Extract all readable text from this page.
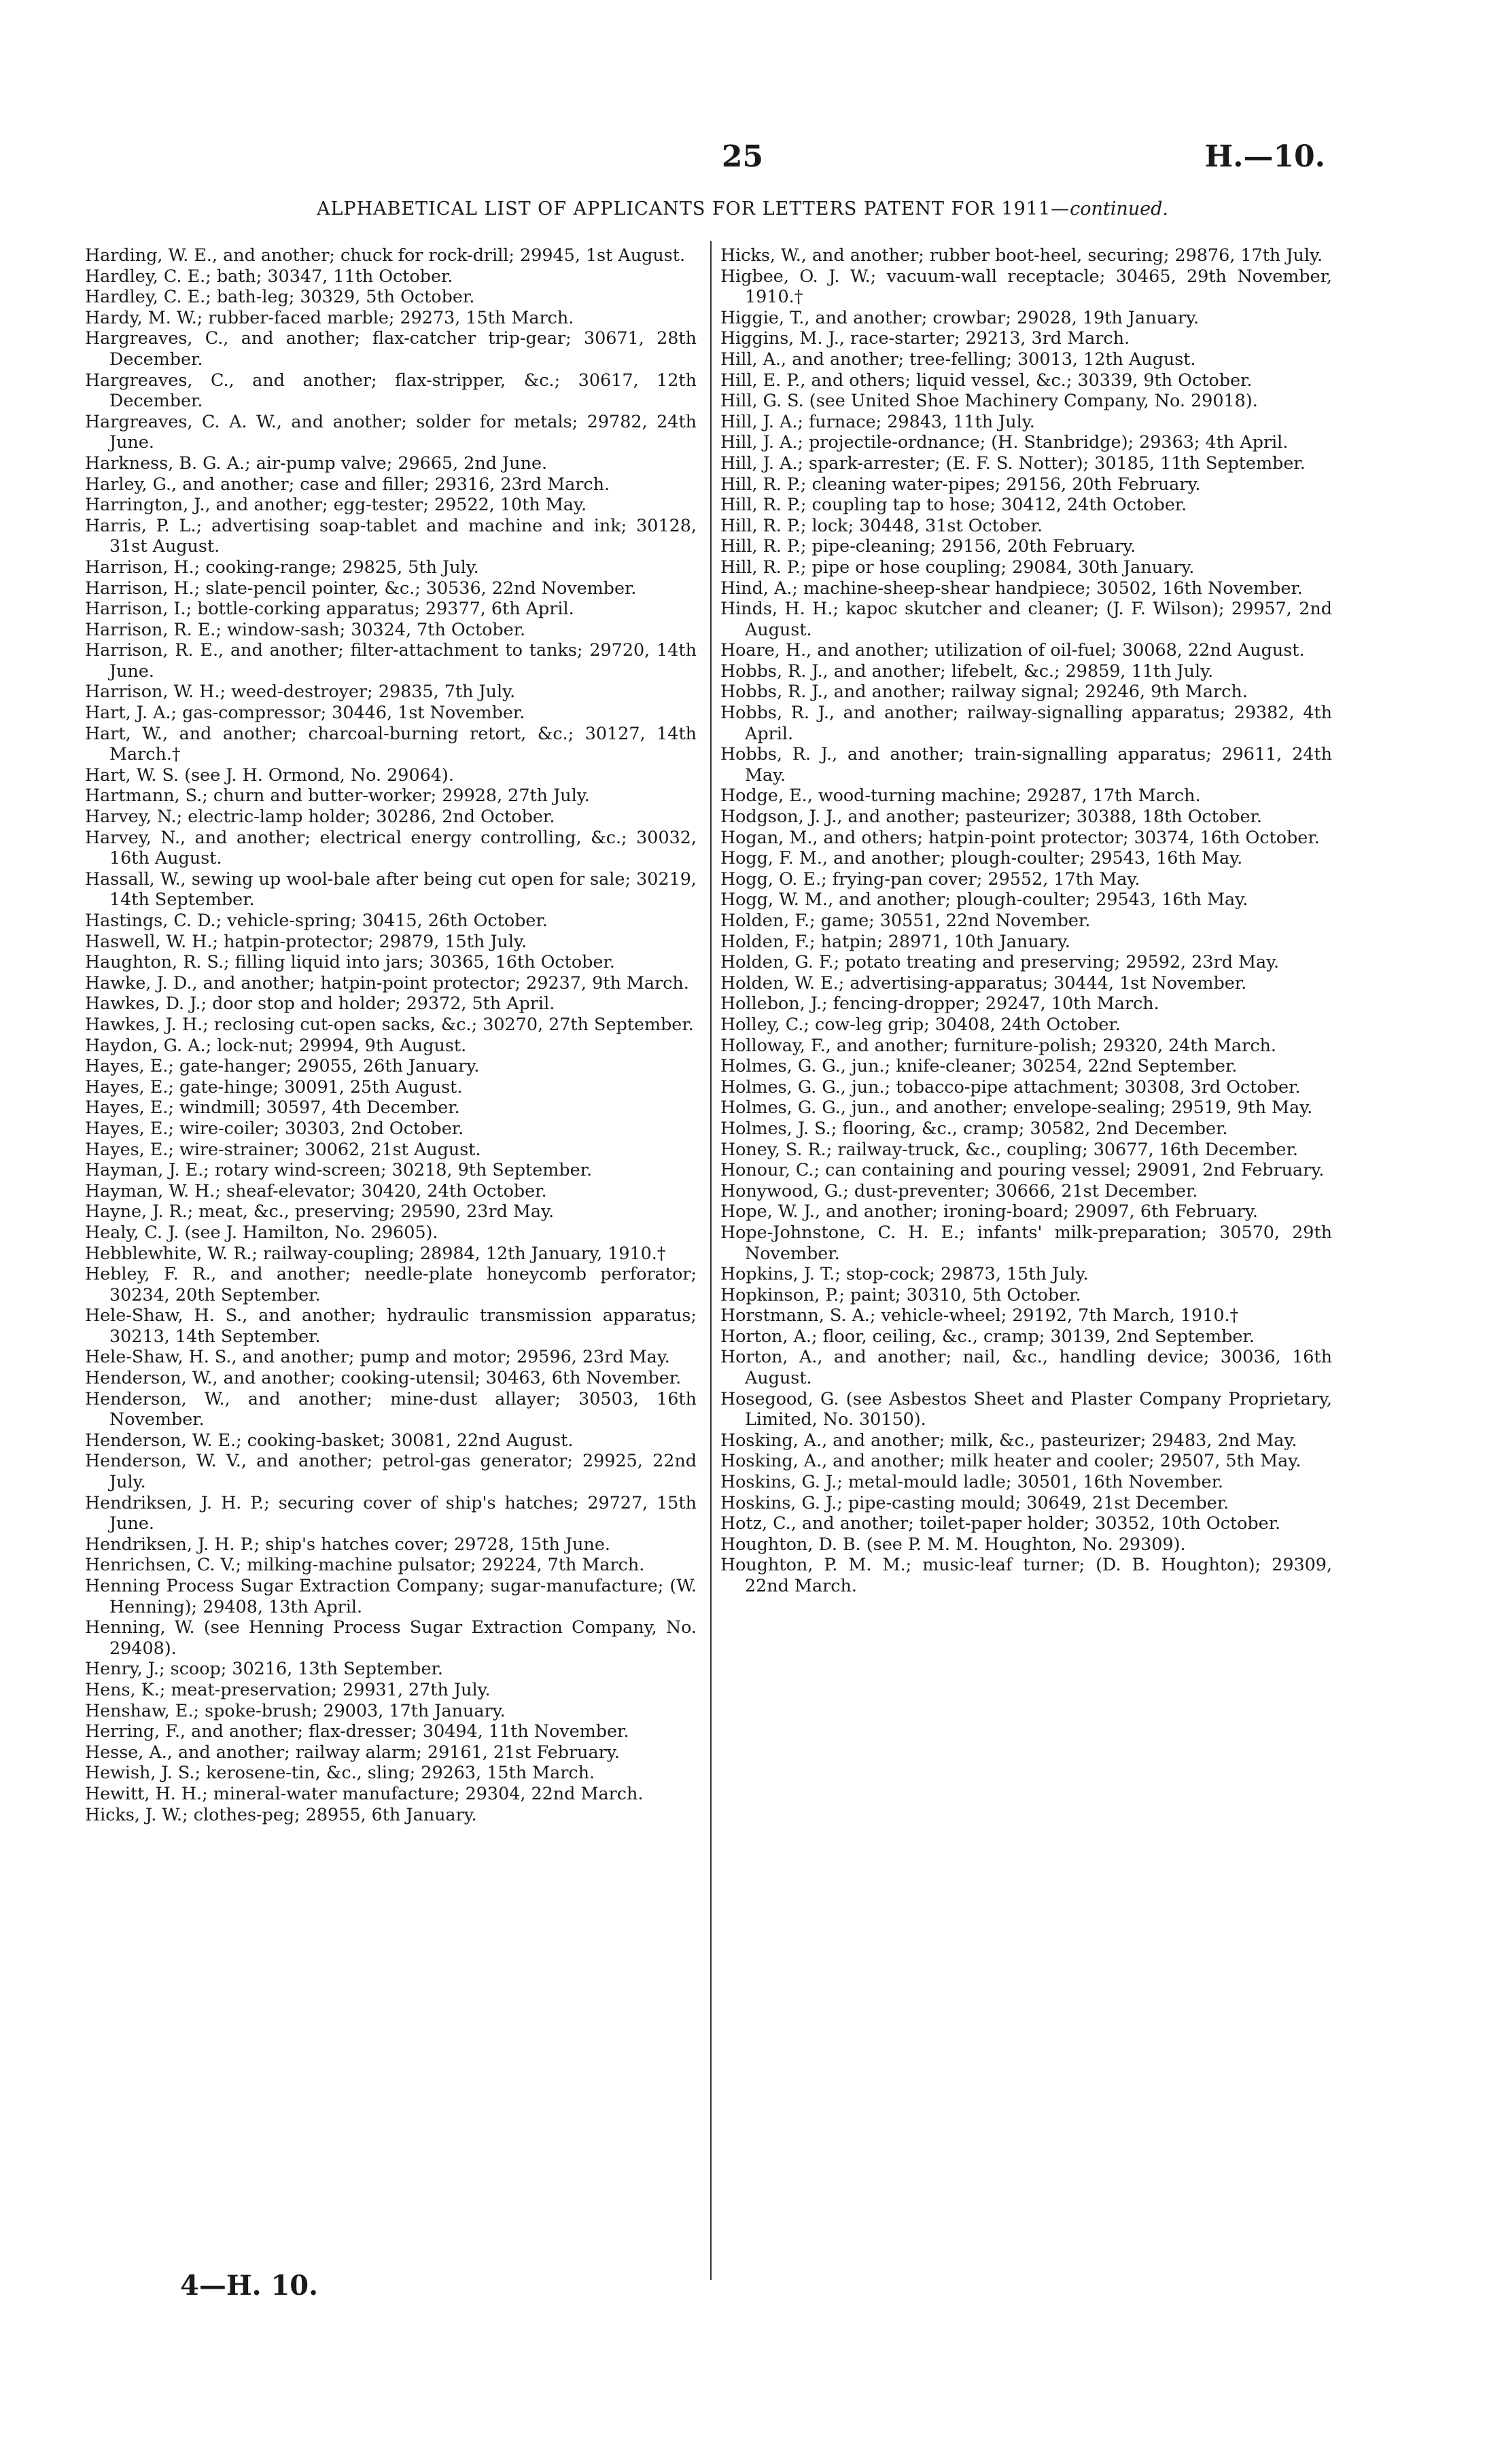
25	H.—10.
ALPHABETICAL LIST OF APPLICANTS FOR LETTERS PATENT FOR 1911—continued.

Harding, W. E., and another; chuck for rock-drill; 29945, 1st August.

Hardley, C. E.; bath; 30347, 11th October.

Hardley, C. E.; bath-leg; 30329, 5th October.

Hardy, M. W.; rubber-faced marble; 29273, 15th March.

Hargreaves, C., and another; flax-catcher trip-gear; 30671, 28th December.

Hargreaves, C., and another; flax-stripper, &c.; 30617, 12th December.

Hargreaves, C. A. W., and another; solder for metals; 29782, 24th June.

Harkness, B. G. A.; air-pump valve; 29665, 2nd June.

Harley, G., and another; case and filler; 29316, 23rd March.

Harrington, J., and another; egg-tester; 29522, 10th May.

Harris, P. L.; advertising soap-tablet and machine and ink; 30128, 31st August.

Harrison, H.; cooking-range; 29825, 5th July.

Harrison, H.; slate-pencil pointer, &c.; 30536, 22nd November.

Harrison, I.; bottle-corking apparatus; 29377, 6th April.

Harrison, R. E.; window-sash; 30324, 7th October.

Harrison, R. E., and another; filter-attachment to tanks; 29720, 14th June.

Harrison, W. H.; weed-destroyer; 29835, 7th July.

Hart, J. A.; gas-compressor; 30446, 1st November.

Hart, W., and another; charcoal-burning retort, &c.; 30127, 14th March.†

Hart, W. S. (see J. H. Ormond, No. 29064).

Hartmann, S.; churn and butter-worker; 29928, 27th July.

Harvey, N.; electric-lamp holder; 30286, 2nd October.

Harvey, N., and another; electrical energy controlling, &c.; 30032, 16th August.

Hassall, W., sewing up wool-bale after being cut open for sale; 30219, 14th September.

Hastings, C. D.; vehicle-spring; 30415, 26th October.

Haswell, W. H.; hatpin-protector; 29879, 15th July.

Haughton, R. S.; filling liquid into jars; 30365, 16th October.

Hawke, J. D., and another; hatpin-point protector; 29237, 9th March.

Hawkes, D. J.; door stop and holder; 29372, 5th April.

Hawkes, J. H.; reclosing cut-open sacks, &c.; 30270, 27th September.

Haydon, G. A.; lock-nut; 29994, 9th August.

Hayes, E.; gate-hanger; 29055, 26th January.

Hayes, E.; gate-hinge; 30091, 25th August.

Hayes, E.; windmill; 30597, 4th December.

Hayes, E.; wire-coiler; 30303, 2nd October.

Hayes, E.; wire-strainer; 30062, 21st August.

Hayman, J. E.; rotary wind-screen; 30218, 9th September.

Hayman, W. H.; sheaf-elevator; 30420, 24th October.

Hayne, J. R.; meat, &c., preserving; 29590, 23rd May.

Healy, C. J. (see J. Hamilton, No. 29605).

Hebblewhite, W. R.; railway-coupling; 28984, 12th January, 1910.†

Hebley, F. R., and another; needle-plate honeycomb perforator; 30234, 20th September.

Hele-Shaw, H. S., and another; hydraulic transmission apparatus; 30213, 14th September.

Hele-Shaw, H. S., and another; pump and motor; 29596, 23rd May.

Henderson, W., and another; cooking-utensil; 30463, 6th November.

Henderson, W., and another; mine-dust allayer; 30503, 16th November.

Henderson, W. E.; cooking-basket; 30081, 22nd August.

Henderson, W. V., and another; petrol-gas generator; 29925, 22nd July.

Hendriksen, J. H. P.; securing cover of ship's hatches; 29727, 15th June.

Hendriksen, J. H. P.; ship's hatches cover; 29728, 15th June.

Henrichsen, C. V.; milking-machine pulsator; 29224, 7th March.

Henning Process Sugar Extraction Company; sugar-manufacture; (W. Henning); 29408, 13th April.

Henning, W. (see Henning Process Sugar Extraction Company, No. 29408).

Henry, J.; scoop; 30216, 13th September.

Hens, K.; meat-preservation; 29931, 27th July.

Henshaw, E.; spoke-brush; 29003, 17th January.

Herring, F., and another; flax-dresser; 30494, 11th November.

Hesse, A., and another; railway alarm; 29161, 21st February.

Hewish, J. S.; kerosene-tin, &c., sling; 29263, 15th March.

Hewitt, H. H.; mineral-water manufacture; 29304, 22nd March.

Hicks, J. W.; clothes-peg; 28955, 6th January.

Hicks, W., and another; rubber boot-heel, securing; 29876, 17th July.

Higbee, O. J. W.; vacuum-wall receptacle; 30465, 29th November, 1910.†

Higgie, T., and another; crowbar; 29028, 19th January.

Higgins, M. J., race-starter; 29213, 3rd March.

Hill, A., and another; tree-felling; 30013, 12th August.

Hill, E. P., and others; liquid vessel, &c.; 30339, 9th October.

Hill, G. S. (see United Shoe Machinery Company, No. 29018).

Hill, J. A.; furnace; 29843, 11th July.

Hill, J. A.; projectile-ordnance; (H. Stanbridge); 29363; 4th April.

Hill, J. A.; spark-arrester; (E. F. S. Notter); 30185, 11th September.

Hill, R. P.; cleaning water-pipes; 29156, 20th February.

Hill, R. P.; coupling tap to hose; 30412, 24th October.

Hill, R. P.; lock; 30448, 31st October.

Hill, R. P.; pipe-cleaning; 29156, 20th February.

Hill, R. P.; pipe or hose coupling; 29084, 30th January.

Hind, A.; machine-sheep-shear handpiece; 30502, 16th November.

Hinds, H. H.; kapoc skutcher and cleaner; (J. F. Wilson); 29957, 2nd August.

Hoare, H., and another; utilization of oil-fuel; 30068, 22nd August.

Hobbs, R. J., and another; lifebelt, &c.; 29859, 11th July.

Hobbs, R. J., and another; railway signal; 29246, 9th March.

Hobbs, R. J., and another; railway-signalling apparatus; 29382, 4th April.

Hobbs, R. J., and another; train-signalling apparatus; 29611, 24th May.

Hodge, E., wood-turning machine; 29287, 17th March.

Hodgson, J. J., and another; pasteurizer; 30388, 18th October.

Hogan, M., and others; hatpin-point protector; 30374, 16th October.

Hogg, F. M., and another; plough-coulter; 29543, 16th May.

Hogg, O. E.; frying-pan cover; 29552, 17th May.

Hogg, W. M., and another; plough-coulter; 29543, 16th May.

Holden, F.; game; 30551, 22nd November.

Holden, F.; hatpin; 28971, 10th January.

Holden, G. F.; potato treating and preserving; 29592, 23rd May.

Holden, W. E.; advertising-apparatus; 30444, 1st November.

Hollebon, J.; fencing-dropper; 29247, 10th March.

Holley, C.; cow-leg grip; 30408, 24th October.

Holloway, F., and another; furniture-polish; 29320, 24th March.

Holmes, G. G., jun.; knife-cleaner; 30254, 22nd September.

Holmes, G. G., jun.; tobacco-pipe attachment; 30308, 3rd October.

Holmes, G. G., jun., and another; envelope-sealing; 29519, 9th May.

Holmes, J. S.; flooring, &c., cramp; 30582, 2nd December.

Honey, S. R.; railway-truck, &c., coupling; 30677, 16th December.

Honour, C.; can containing and pouring vessel; 29091, 2nd February.

Honywood, G.; dust-preventer; 30666, 21st December.

Hope, W. J., and another; ironing-board; 29097, 6th February.

Hope-Johnstone, C. H. E.; infants' milk-preparation; 30570, 29th November.

Hopkins, J. T.; stop-cock; 29873, 15th July.

Hopkinson, P.; paint; 30310, 5th October.

Horstmann, S. A.; vehicle-wheel; 29192, 7th March, 1910.†

Horton, A.; floor, ceiling, &c., cramp; 30139, 2nd September.

Horton, A., and another; nail, &c., handling device; 30036, 16th August.

Hosegood, G. (see Asbestos Sheet and Plaster Company Proprietary, Limited, No. 30150).

Hosking, A., and another; milk, &c., pasteurizer; 29483, 2nd May.

Hosking, A., and another; milk heater and cooler; 29507, 5th May.

Hoskins, G. J.; metal-mould ladle; 30501, 16th November.

Hoskins, G. J.; pipe-casting mould; 30649, 21st December.

Hotz, C., and another; toilet-paper holder; 30352, 10th October.

Houghton, D. B. (see P. M. M. Houghton, No. 29309).

Houghton, P. M. M.; music-leaf turner; (D. B. Houghton); 29309, 22nd March.

4—H. 10.
